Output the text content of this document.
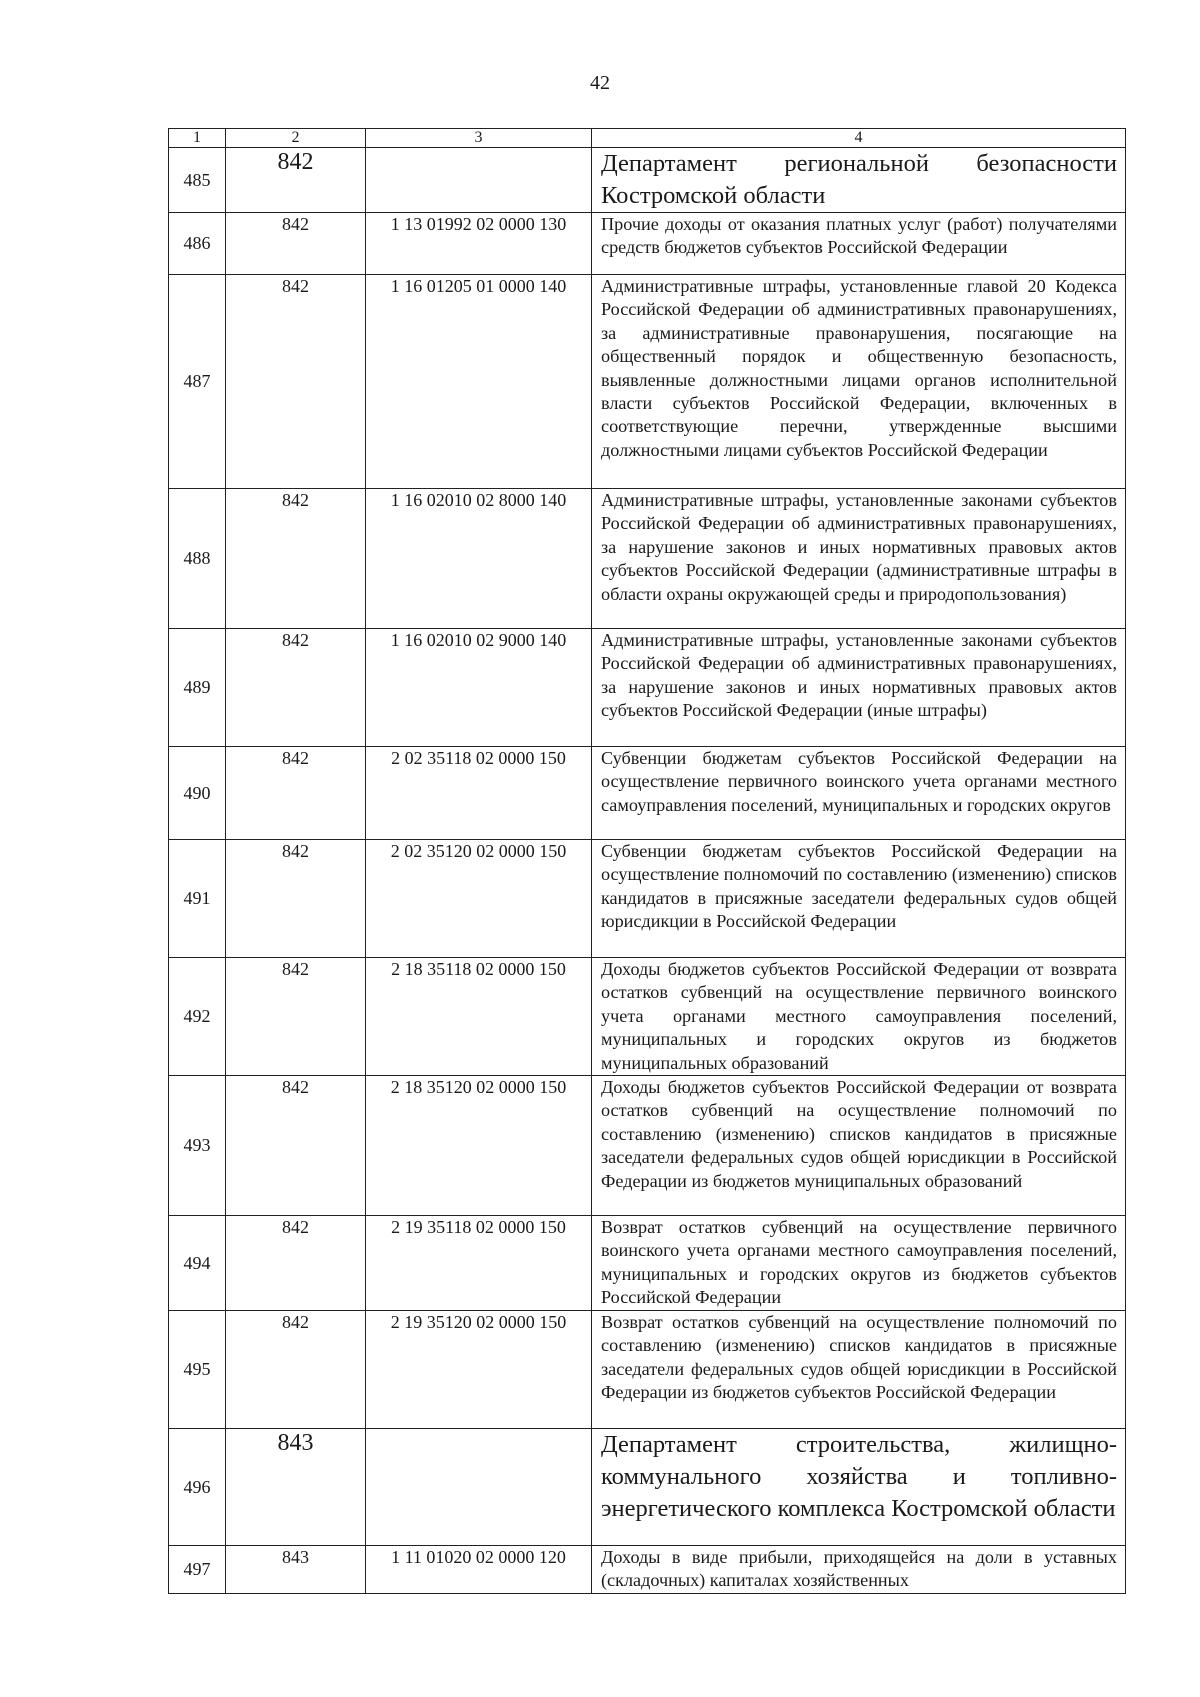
42
1	2	3	4
485	842		Департамент региональной безопасности Костромской области
486	842	1 13 01992 02 0000 130	Прочие доходы от оказания платных услуг (работ) получателями средств бюджетов субъектов Российской Федерации
487	842	1 16 01205 01 0000 140	Административные штрафы, установленные главой 20 Кодекса Российской Федерации об административных правонарушениях, за административные правонарушения, посягающие на общественный порядок и общественную безопасность, выявленные должностными лицами органов исполнительной власти субъектов Российской Федерации, включенных в соответствующие перечни, утвержденные высшими должностными лицами субъектов Российской Федерации
488	842	1 16 02010 02 8000 140	Административные штрафы, установленные законами субъектов Российской Федерации об административных правонарушениях, за нарушение законов и иных нормативных правовых актов субъектов Российской Федерации (административные штрафы в области охраны окружающей среды и природопользования)
489	842	1 16 02010 02 9000 140	Административные штрафы, установленные законами субъектов Российской Федерации об административных правонарушениях, за нарушение законов и иных нормативных правовых актов субъектов Российской Федерации (иные штрафы)
490	842	2 02 35118 02 0000 150	Субвенции бюджетам субъектов Российской Федерации на осуществление первичного воинского учета органами местного самоуправления поселений, муниципальных и городских округов
491	842	2 02 35120 02 0000 150	Субвенции бюджетам субъектов Российской Федерации на осуществление полномочий по составлению (изменению) списков кандидатов в присяжные заседатели федеральных судов общей юрисдикции в Российской Федерации
492	842	2 18 35118 02 0000 150	Доходы бюджетов субъектов Российской Федерации от возврата остатков субвенций на осуществление первичного воинского учета органами местного самоуправления поселений, муниципальных и городских округов из бюджетов муниципальных образований
493	842	2 18 35120 02 0000 150	Доходы бюджетов субъектов Российской Федерации от возврата остатков субвенций на осуществление полномочий по составлению (изменению) списков кандидатов в присяжные заседатели федеральных судов общей юрисдикции в Российской Федерации из бюджетов муниципальных образований
494	842	2 19 35118 02 0000 150	Возврат остатков субвенций на осуществление первичного воинского учета органами местного самоуправления поселений, муниципальных и городских округов из бюджетов субъектов Российской Федерации
495	842	2 19 35120 02 0000 150	Возврат остатков субвенций на осуществление полномочий по составлению (изменению) списков кандидатов в присяжные заседатели федеральных судов общей юрисдикции в Российской Федерации из бюджетов субъектов Российской Федерации
496	843		Департамент строительства, жилищно-коммунального хозяйства и топливно-энергетического комплекса Костромской области
497	843	1 11 01020 02 0000 120	Доходы в виде прибыли, приходящейся на доли в уставных (складочных) капиталах хозяйственных
